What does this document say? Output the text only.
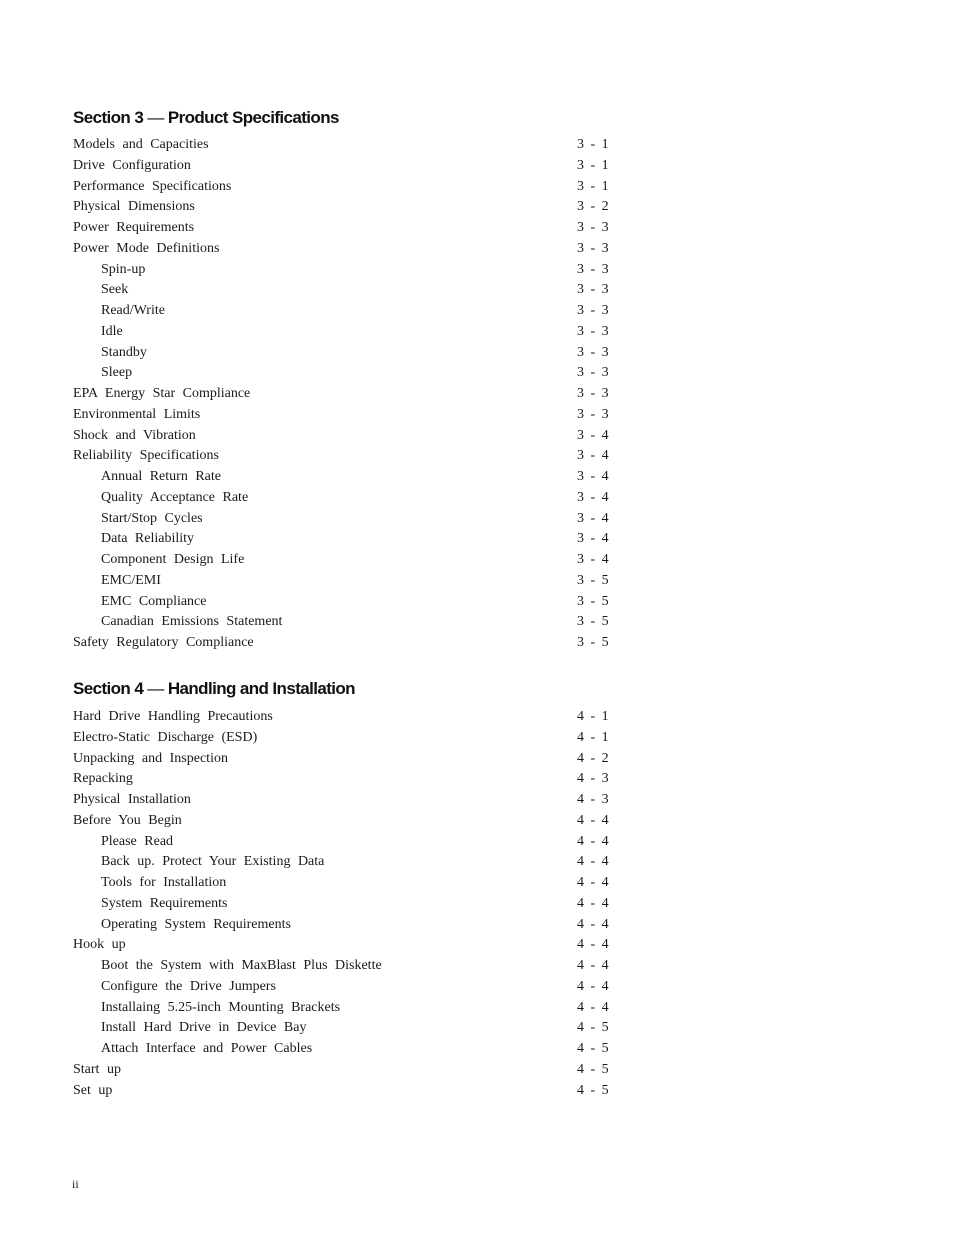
Section 3 — Product Specifications
Models and Capacities	3 - 1
Drive Configuration	3 - 1
Performance Specifications	3 - 1
Physical Dimensions	3 - 2
Power Requirements	3 - 3
Power Mode Definitions	3 - 3
Spin-up	3 - 3
Seek	3 - 3
Read/Write	3 - 3
Idle	3 - 3
Standby	3 - 3
Sleep	3 - 3
EPA Energy Star Compliance	3 - 3
Environmental Limits	3 - 3
Shock and Vibration	3 - 4
Reliability Specifications	3 - 4
Annual Return Rate	3 - 4
Quality Acceptance Rate	3 - 4
Start/Stop Cycles	3 - 4
Data Reliability	3 - 4
Component Design Life	3 - 4
EMC/EMI	3 - 5
EMC Compliance	3 - 5
Canadian Emissions Statement	3 - 5
Safety Regulatory Compliance	3 - 5
Section 4 — Handling and Installation
Hard Drive Handling Precautions	4 - 1
Electro-Static Discharge (ESD)	4 - 1
Unpacking and Inspection	4 - 2
Repacking	4 - 3
Physical Installation	4 - 3
Before You Begin	4 - 4
Please Read	4 - 4
Back up. Protect Your Existing Data	4 - 4
Tools for Installation	4 - 4
System Requirements	4 - 4
Operating System Requirements	4 - 4
Hook up	4 - 4
Boot the System with MaxBlast Plus Diskette	4 - 4
Configure the Drive Jumpers	4 - 4
Installaing 5.25-inch Mounting Brackets	4 - 4
Install Hard Drive in Device Bay	4 - 5
Attach Interface and Power Cables	4 - 5
Start up	4 - 5
Set up	4 - 5
ii
